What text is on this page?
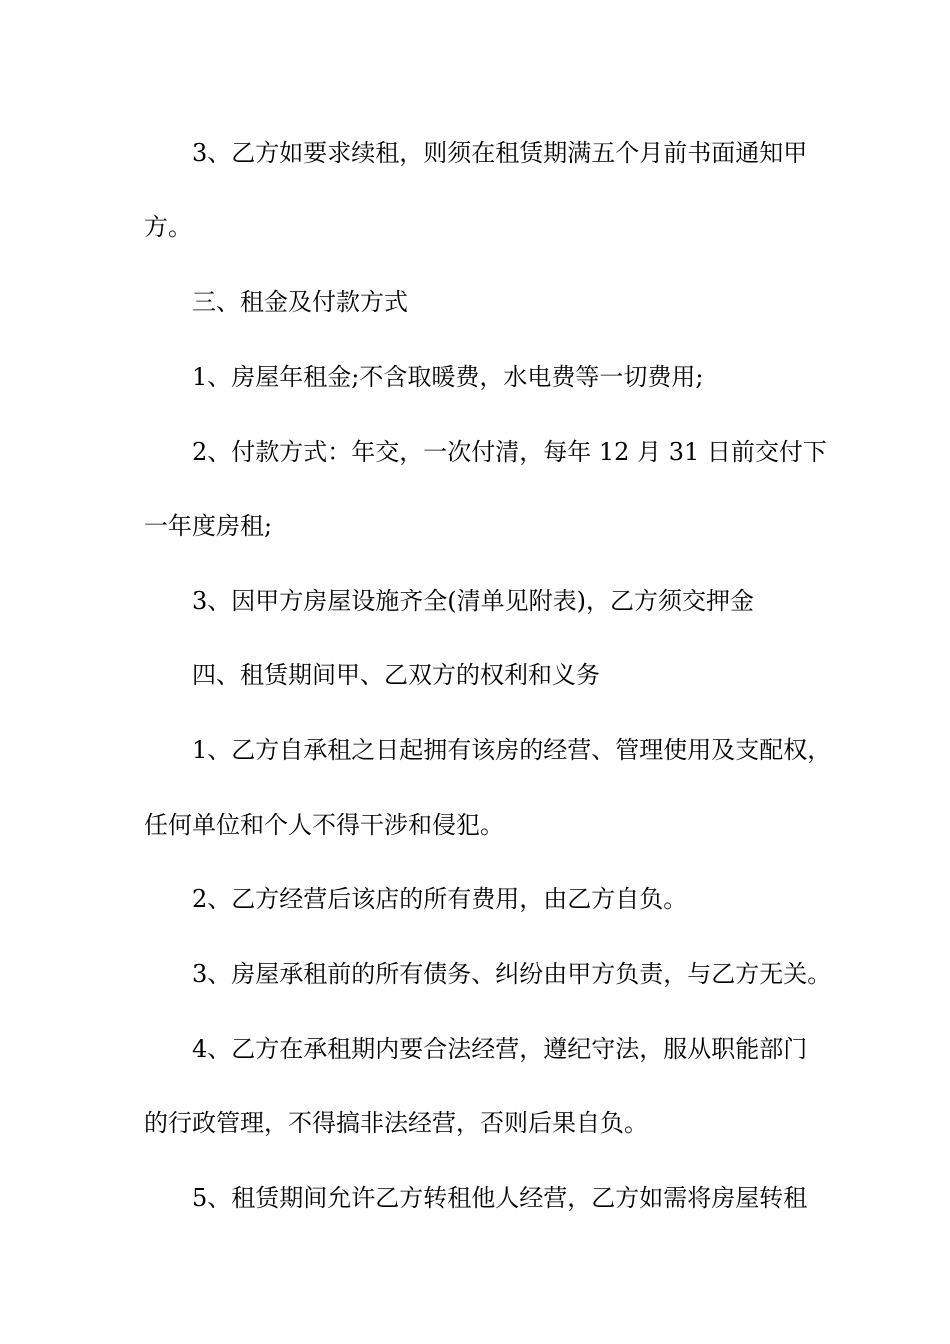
3、乙方如要求续租，则须在租赁期满五个月前书面通知甲
方。
三、租金及付款方式
1、房屋年租金;不含取暖费，水电费等一切费用;
2、付款方式：年交，一次付清，每年 12 月 31 日前交付下
一年度房租;
3、因甲方房屋设施齐全(清单见附表)，乙方须交押金
四、租赁期间甲、乙双方的权利和义务
1、乙方自承租之日起拥有该房的经营、管理使用及支配权，
任何单位和个人不得干涉和侵犯。
2、乙方经营后该店的所有费用，由乙方自负。
3、房屋承租前的所有债务、纠纷由甲方负责，与乙方无关。
4、乙方在承租期内要合法经营，遵纪守法，服从职能部门
的行政管理，不得搞非法经营，否则后果自负。
5、租赁期间允许乙方转租他人经营，乙方如需将房屋转租
